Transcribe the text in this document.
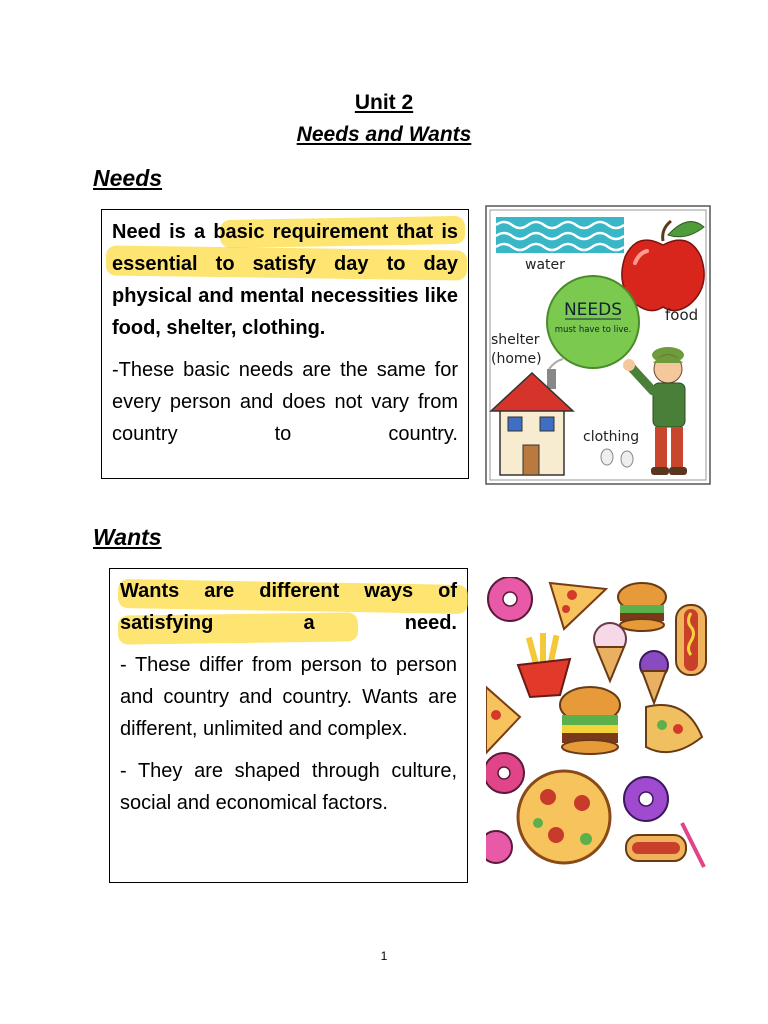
Unit 2
Needs and Wants
Needs

Need is a basic requirement that is essential to satisfy day to day physical and mental necessities like food, shelter, clothing.

-These basic needs are the same for every person and does not vary from country to country.

water
food
NEEDS
must have to live.
shelter
(home)
clothing
Wants

Wants are different ways of satisfying a need.

- These differ from person to person and country and country. Wants are different, unlimited and complex.

- They are shaped through culture, social and economical factors.

1
